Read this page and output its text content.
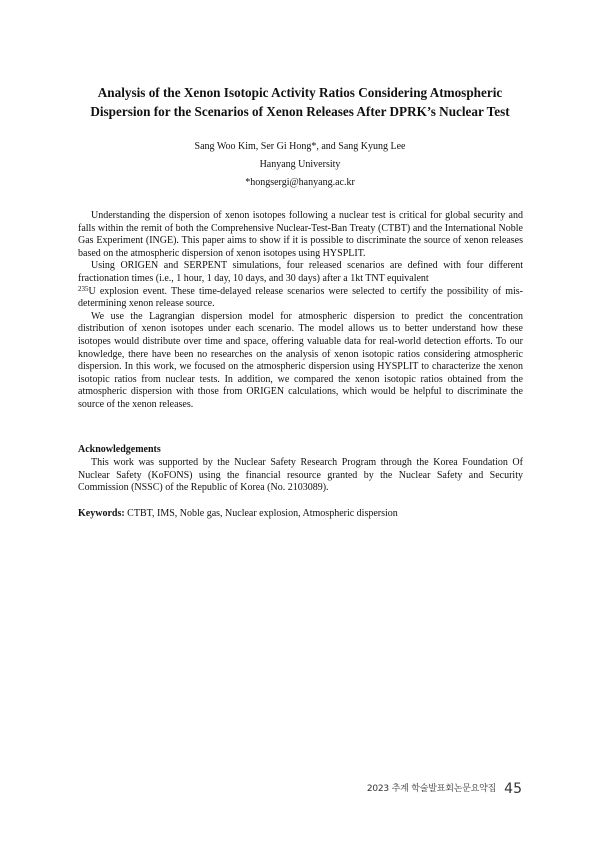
Analysis of the Xenon Isotopic Activity Ratios Considering Atmospheric
Dispersion for the Scenarios of Xenon Releases After DPRK’s Nuclear Test
Sang Woo Kim, Ser Gi Hong*, and Sang Kyung Lee
Hanyang University
*hongsergi@hanyang.ac.kr

Understanding the dispersion of xenon isotopes following a nuclear test is critical for global security and falls within the remit of both the Comprehensive Nuclear-Test-Ban Treaty (CTBT) and the International Noble Gas Experiment (INGE). This paper aims to show if it is possible to discriminate the source of xenon releases based on the atmospheric dispersion of xenon isotopes using HYSPLIT.

Using ORIGEN and SERPENT simulations, four released scenarios are defined with four different fractionation times (i.e., 1 hour, 1 day, 10 days, and 30 days) after a 1kt TNT equivalent
$^{235}$U explosion event. These time-delayed release scenarios were selected to certify the possibility of mis-determining xenon release source.

We use the Lagrangian dispersion model for atmospheric dispersion to predict the concentration distribution of xenon isotopes under each scenario. The model allows us to better understand how these isotopes would distribute over time and space, offering valuable data for real-world detection efforts. To our knowledge, there have been no researches on the analysis of xenon isotopic ratios considering atmospheric dispersion. In this work, we focused on the atmospheric dispersion using HYSPLIT to characterize the xenon isotopic ratios from nuclear tests. In addition, we compared the xenon isotopic ratios obtained from the atmospheric dispersion with those from ORIGEN calculations, which would be helpful to discriminate the source of the xenon releases.

Acknowledgements

This work was supported by the Nuclear Safety Research Program through the Korea Foundation Of Nuclear Safety (KoFONS) using the financial resource granted by the Nuclear Safety and Security Commission (NSSC) of the Republic of Korea (No. 2103089).

Keywords: CTBT, IMS, Noble gas, Nuclear explosion, Atmospheric dispersion
2023 추계 학술발표회논문요약집 45
